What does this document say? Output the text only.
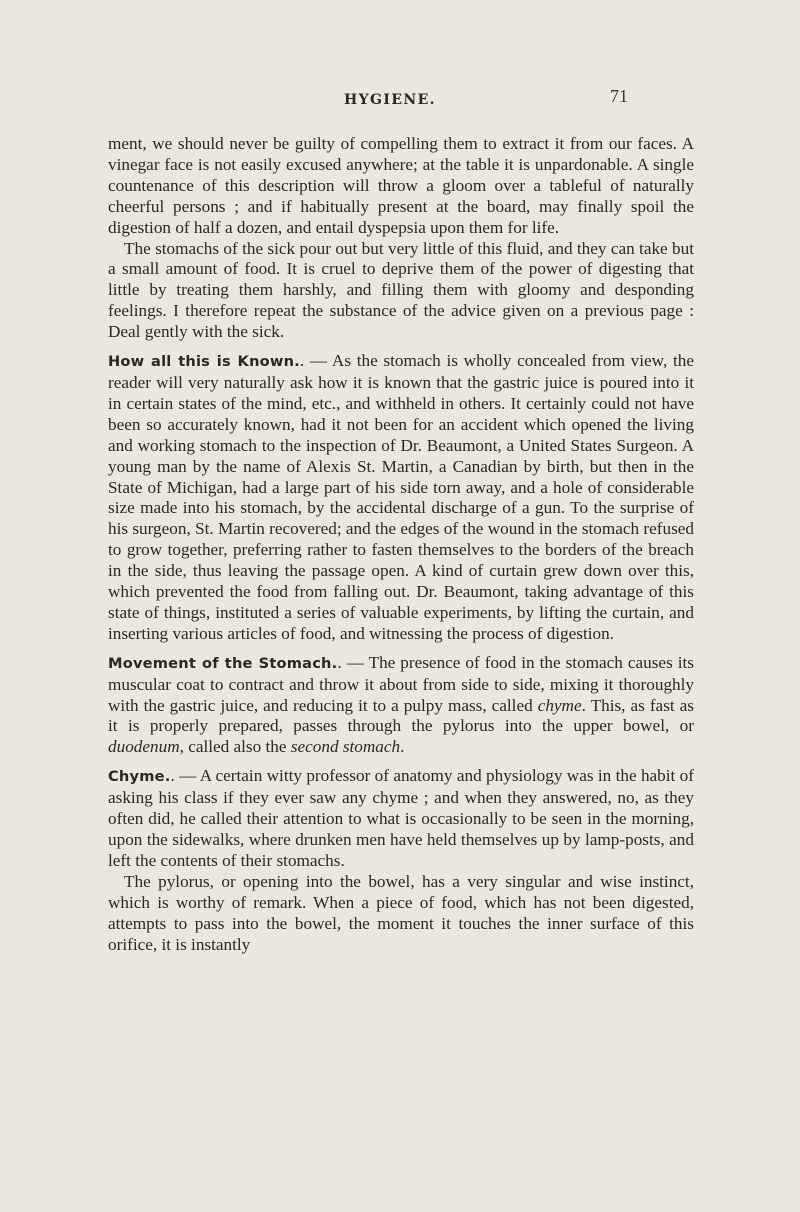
HYGIENE.	71

ment, we should never be guilty of compelling them to extract it from our faces. A vinegar face is not easily excused anywhere; at the table it is unpardonable. A single countenance of this description will throw a gloom over a tableful of naturally cheerful persons ; and if habitually present at the board, may finally spoil the digestion of half a dozen, and entail dyspepsia upon them for life.

The stomachs of the sick pour out but very little of this fluid, and they can take but a small amount of food. It is cruel to deprive them of the power of digesting that little by treating them harshly, and filling them with gloomy and desponding feelings. I therefore repeat the substance of the advice given on a previous page : Deal gently with the sick.

How all this is Known.. — As the stomach is wholly concealed from view, the reader will very naturally ask how it is known that the gastric juice is poured into it in certain states of the mind, etc., and withheld in others. It certainly could not have been so accurately known, had it not been for an accident which opened the living and working stomach to the inspection of Dr. Beaumont, a United States Surgeon. A young man by the name of Alexis St. Martin, a Canadian by birth, but then in the State of Michigan, had a large part of his side torn away, and a hole of considerable size made into his stomach, by the accidental discharge of a gun. To the surprise of his surgeon, St. Martin recovered; and the edges of the wound in the stomach refused to grow together, preferring rather to fasten themselves to the borders of the breach in the side, thus leaving the passage open. A kind of curtain grew down over this, which prevented the food from falling out. Dr. Beaumont, taking advantage of this state of things, instituted a series of valuable experiments, by lifting the curtain, and inserting various articles of food, and witnessing the process of digestion.

Movement of the Stomach.. — The presence of food in the stomach causes its muscular coat to contract and throw it about from side to side, mixing it thoroughly with the gastric juice, and reducing it to a pulpy mass, called chyme. This, as fast as it is properly prepared, passes through the pylorus into the upper bowel, or duodenum, called also the second stomach.

Chyme.. — A certain witty professor of anatomy and physiology was in the habit of asking his class if they ever saw any chyme ; and when they answered, no, as they often did, he called their attention to what is occasionally to be seen in the morning, upon the sidewalks, where drunken men have held themselves up by lamp-posts, and left the contents of their stomachs.

The pylorus, or opening into the bowel, has a very singular and wise instinct, which is worthy of remark. When a piece of food, which has not been digested, attempts to pass into the bowel, the moment it touches the inner surface of this orifice, it is instantly
